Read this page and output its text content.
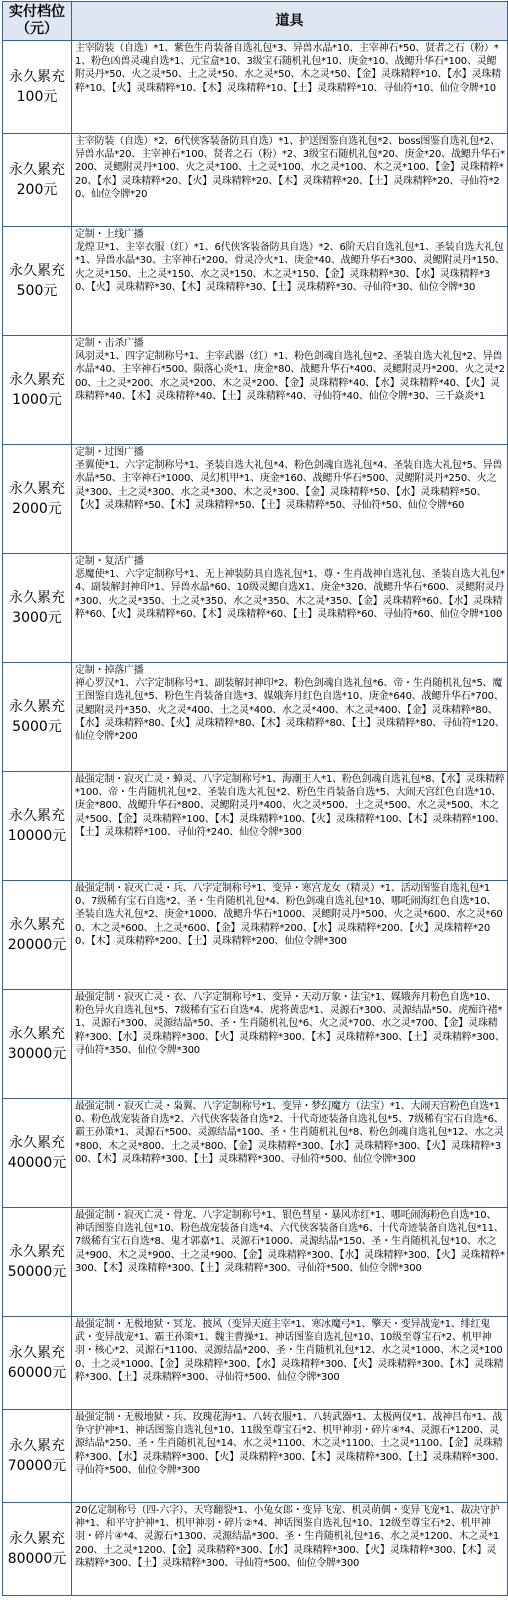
实付档位
（元）	道具

永久累充
100元	主宰防装（自选）*1、紫色生肖装备自选礼包*3、异兽水晶*10、主宰神石*50、贤者之石（粉）*1、粉色凶兽灵魂自选*1、元宝盒*10、3级宝石随机礼包*10、庚金*10、战鳃升华石*100、灵鳃附灵丹*50、火之灵*50、土之灵*50、水之灵*50、木之灵*50、【金】灵珠精粹*10、【水】灵珠精粹*10、【火】灵珠精粹*10、【木】灵珠精粹*10、【土】灵珠精粹*10、寻仙符*10、仙位令牌*10

永久累充
200元	主宰防装（自选）*2、6代侠客装备防具自选）*1、护送图鉴自选礼包*2、boss图鉴自选礼包*2、异兽水晶*20、主宰神石*100、贤者之石（粉）*2、3级宝石随机礼包*20、庚金*20、战鳃升华石*200、灵鳃附灵丹*100、火之灵*100、土之灵*100、水之灵*100、木之灵*100、【金】灵珠精粹*20、【水】灵珠精粹*20、【火】灵珠精粹*20、【木】灵珠精粹*20、【土】灵珠精粹*20、寻仙符*20、仙位令牌*20

永久累充
500元	定制・上线广播
龙煌卫*1、主宰衣服（红）*1、6代侠客装备防具自选）*2、6阶天启自选礼包*1、圣装自选大礼包*1、异兽水晶*30、主宰神石*200、骨灵冷火*1、庚金*40、战鳃升华石*300、灵鳃附灵丹*150、火之灵*150、土之灵*150、水之灵*150、木之灵*150、【金】灵珠精粹*30、【水】灵珠精粹*30、【火】灵珠精粹*30、【木】灵珠精粹*30、【土】灵珠精粹*30、寻仙符*30、仙位令牌*30

永久累充
1000元	定制・击杀广播
风羽灵*1、四字定制称号*1、主宰武器（红）*1、粉色剑魂自选礼包*2、圣装自选大礼包*2、异兽水晶*40、主宰神石*500、陨落心炎*1、庚金*80、战鳃升华石*400、灵鳃附灵丹*200、火之灵*200、土之灵*200、水之灵*200、木之灵*200、【金】灵珠精粹*40、【水】灵珠精粹*40、【火】灵珠精粹*40、【木】灵珠精粹*40、【土】灵珠精粹*40、寻仙符*40、仙位令牌*30、三千焱炎*1

永久累充
2000元	定制・过图广播
圣翼使*1、六字定制称号*1、圣装自选大礼包*4、粉色剑魂自选礼包*4、圣装自选大礼包*5、异兽水晶*50、主宰神石*1000、灵幻机甲*1、庚金*160、战鳃升华石*500、灵鳃附灵丹*250、火之灵*300、土之灵*300、水之灵*300、木之灵*300、【金】灵珠精粹*50、【水】灵珠精粹*50、【火】灵珠精粹*50、【木】灵珠精粹*50、【土】灵珠精粹*50、寻仙符*50、仙位令牌*60

永久累充
3000元	定制・复活广播
恶魔使*1、六字定制称号*1、无上神装防具自选礼包*1、尊・生肖战神自选礼包、圣装自选大礼包*4、副装解封神印*1、异兽水晶*60、10级灵鳃自选X1、庚金*320、战鳃升华石*600、灵鳃附灵丹*300、火之灵*350、土之灵*350、水之灵*350、木之灵*350、【金】灵珠精粹*60、【水】灵珠精粹*60、【火】灵珠精粹*60、【木】灵珠精粹*60、【土】灵珠精粹*60、寻仙符*60、仙位令牌*100

永久累充
5000元	定制・掉落广播
禅心罗汉*1、六字定制称号*1、副装解封神印*2、粉色剑魂自选礼包*6、帝・生肖随机礼包*5、魔王图鉴自选礼包*5、粉色生肖装备自选*3、媒娥奔月红色自选*10、庚金*640、战鳃升华石*700、灵鳃附灵丹*350、火之灵*400、土之灵*400、水之灵*400、木之灵*400、【金】灵珠精粹*80、【水】灵珠精粹*80、【火】灵珠精粹*80、【木】灵珠精粹*80、【土】灵珠精粹*80、寻仙符*120、仙位令牌*200

永久累充
10000元	最强定制・寂灭亡灵・蟑灵、八字定制称号*1、海潮王人*1、粉色剑魂自选礼包*8、【水】灵珠精粹*100、帝・生肖随机礼包*2、圣装自选大礼包*2、粉色生肖装备自选*5、大闹天宫红色自选*10、庚金*800、战鳃升华石*800、灵鳃附灵丹*400、火之灵*500、土之灵*500、水之灵*500、木之灵*500、【金】灵珠精粹*100、【木】灵珠精粹*100、【火】灵珠精粹*100、【木】灵珠精粹*100、【土】灵珠精粹*100、寻仙符*240、仙位令牌*300

永久累充
20000元	最强定制・寂灭亡灵・兵、八字定制称号*1、变异・寒宫龙女（精灵）*1、活动图鉴自选礼包*10、7级稀有宝石自选*2、圣・生肖随机礼包*4、粉色剑魂自选礼包*10、哪吒闹海红色自选*10、圣装自选大礼包*2、庚金*1000、战鳃升华石*1000、灵鳃附灵丹*500、火之灵*600、水之灵*600、木之灵*600、土之灵*600、【金】灵珠精粹*200、【水】灵珠精粹*200、【火】灵珠精粹*200、【木】灵珠精粹*200、【土】灵珠精粹*200、仙位令牌*300

永久累充
30000元	最强定制・寂灭亡灵・衣、八字定制称号*1、变异・天动万象・法宝*1、媒娥奔月粉色自选*10、粉色异火自选礼包*5、7级稀有宝石自选*4、虎将黄忠*1、灵源石*300、灵源结晶*50、虎痴许褚*1、灵源石*300、灵源结晶*50、圣・生肖随机礼包*6、火之灵*700、水之灵*700、【金】灵珠精粹*300、【水】灵珠精粹*300、【火】灵珠精粹*300、【木】灵珠精粹*300、【土】灵珠精粹*300、寻仙符*350、仙位令牌*300

永久累充
40000元	最强定制・寂灭亡灵・枭翼、八字定制称号*1、变异・梦幻魔方（法宝）*1、大闹天宫粉色自选*10、粉色战宠装备自选*2、六代侠客装备自选*2、十代奇迹装备自选礼包*5、7级稀有宝石自选*6、霸王孙策*1、灵源石*500、灵源结晶*100、圣・生肖随机礼包*8、粉色剑魂自选礼包*12、水之灵*800、木之灵*800、土之灵*800、【金】灵珠精粹*300、【水】灵珠精粹*300、【火】灵珠精粹*300、【木】灵珠精粹*300、【土】灵珠精粹*300、寻仙符*500、仙位令牌*300

永久累充
50000元	最强定制・寂灭亡灵・骨龙、八字定制称号*1、银色彗星・暴风赤红*1、哪吒闹海粉色自选*10、神话图鉴自选礼包*10、粉色战宠装备自选*4、六代侠客装备自选*6、十代奇迹装备自选礼包*11、7级稀有宝石自选*8、鬼才郭嘉*1、灵源石*1000、灵源结晶*150、圣・生肖随机礼包*10、水之灵*900、木之灵*900、土之灵*900、【金】灵珠精粹*300、【水】灵珠精粹*300、【火】灵珠精粹*300、【木】灵珠精粹*300、【土】灵珠精粹*300、寻仙符*500、仙位令牌*300

永久累充
60000元	最强定制・无极地狱・冥龙、披风（变异天庭主宰*1、寒冰魔弓*1、擎天・变异战宠*1、绯红鬼武・变异战宠*1、霸王孙策*1、魏主曹操*1、神话图鉴自选礼包*10、10级至尊宝石*2、机甲神羽・核心*2、灵源石*1100、灵源结晶*200、圣・生肖随机礼包*12、水之灵*1000、木之灵*1000、土之灵*1000、【金】灵珠精粹*300、【水】灵珠精粹*300、【火】灵珠精粹*300、【木】灵珠精粹*300、【土】灵珠精粹*300、寻仙符*500、仙位令牌*300

永久累充
70000元	最强定制・无极地狱・兵、玫瑰花海*1、八转衣服*1、八转武器*1、太极两仪*1、战神吕布*1、战争守护神*1、神话图鉴自选礼包*10、11级至尊宝石*2、机甲神羽・碎片④*4、灵源石*1200、灵源结晶*250、圣・生肖随机礼包*14、水之灵*1100、木之灵*1100、土之灵*1100、【金】灵珠精粹*300、【水】灵珠精粹*300、【火】灵珠精粹*300、【木】灵珠精粹*300、【土】灵珠精粹*300、寻仙符*500、仙位令牌*300

永久累充
80000元	20亿定制称号（四-六字）、天穹翻裂*1、小兔女郎・变异飞宠、机灵萌偶・变异飞宠*1、裁决守护神*1、和平守护神*1、机甲神羽・碎片②*4、神话图鉴自选礼包*10、12级至尊宝石*2、机甲神羽・碎片④*4、灵源石*1300、灵源结晶*300、圣・生肖随机礼包*16、水之灵*1200、木之灵*1200、土之灵*1200、【金】灵珠精粹*300、【水】灵珠精粹*300、【火】灵珠精粹*300、【木】灵珠精粹*300、【土】灵珠精粹*300、寻仙符*500、仙位令牌*300
